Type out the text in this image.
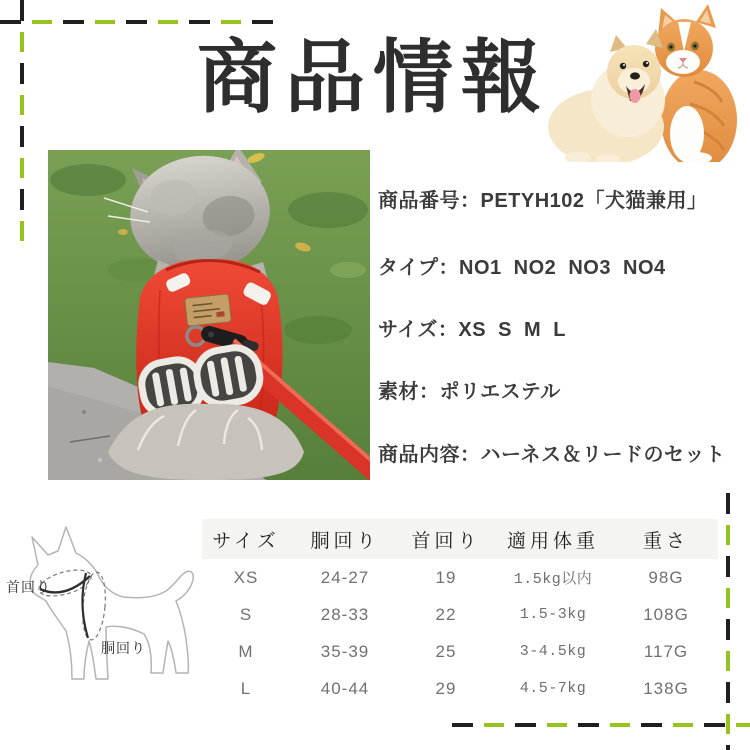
商品情報
商品番号：PETYH102「犬猫兼用」
タイプ：NO1 NO2 NO3 NO4
サイズ：XS S M L
素材：ポリエステル
商品内容：ハーネス＆リードのセット
首回り
胴回り
サイズ	胴回り	首回り	適用体重	重さ
XS	24-27	19	1.5kg以内	98G
S	28-33	22	1.5-3kg	108G
M	35-39	25	3-4.5kg	117G
L	40-44	29	4.5-7kg	138G
